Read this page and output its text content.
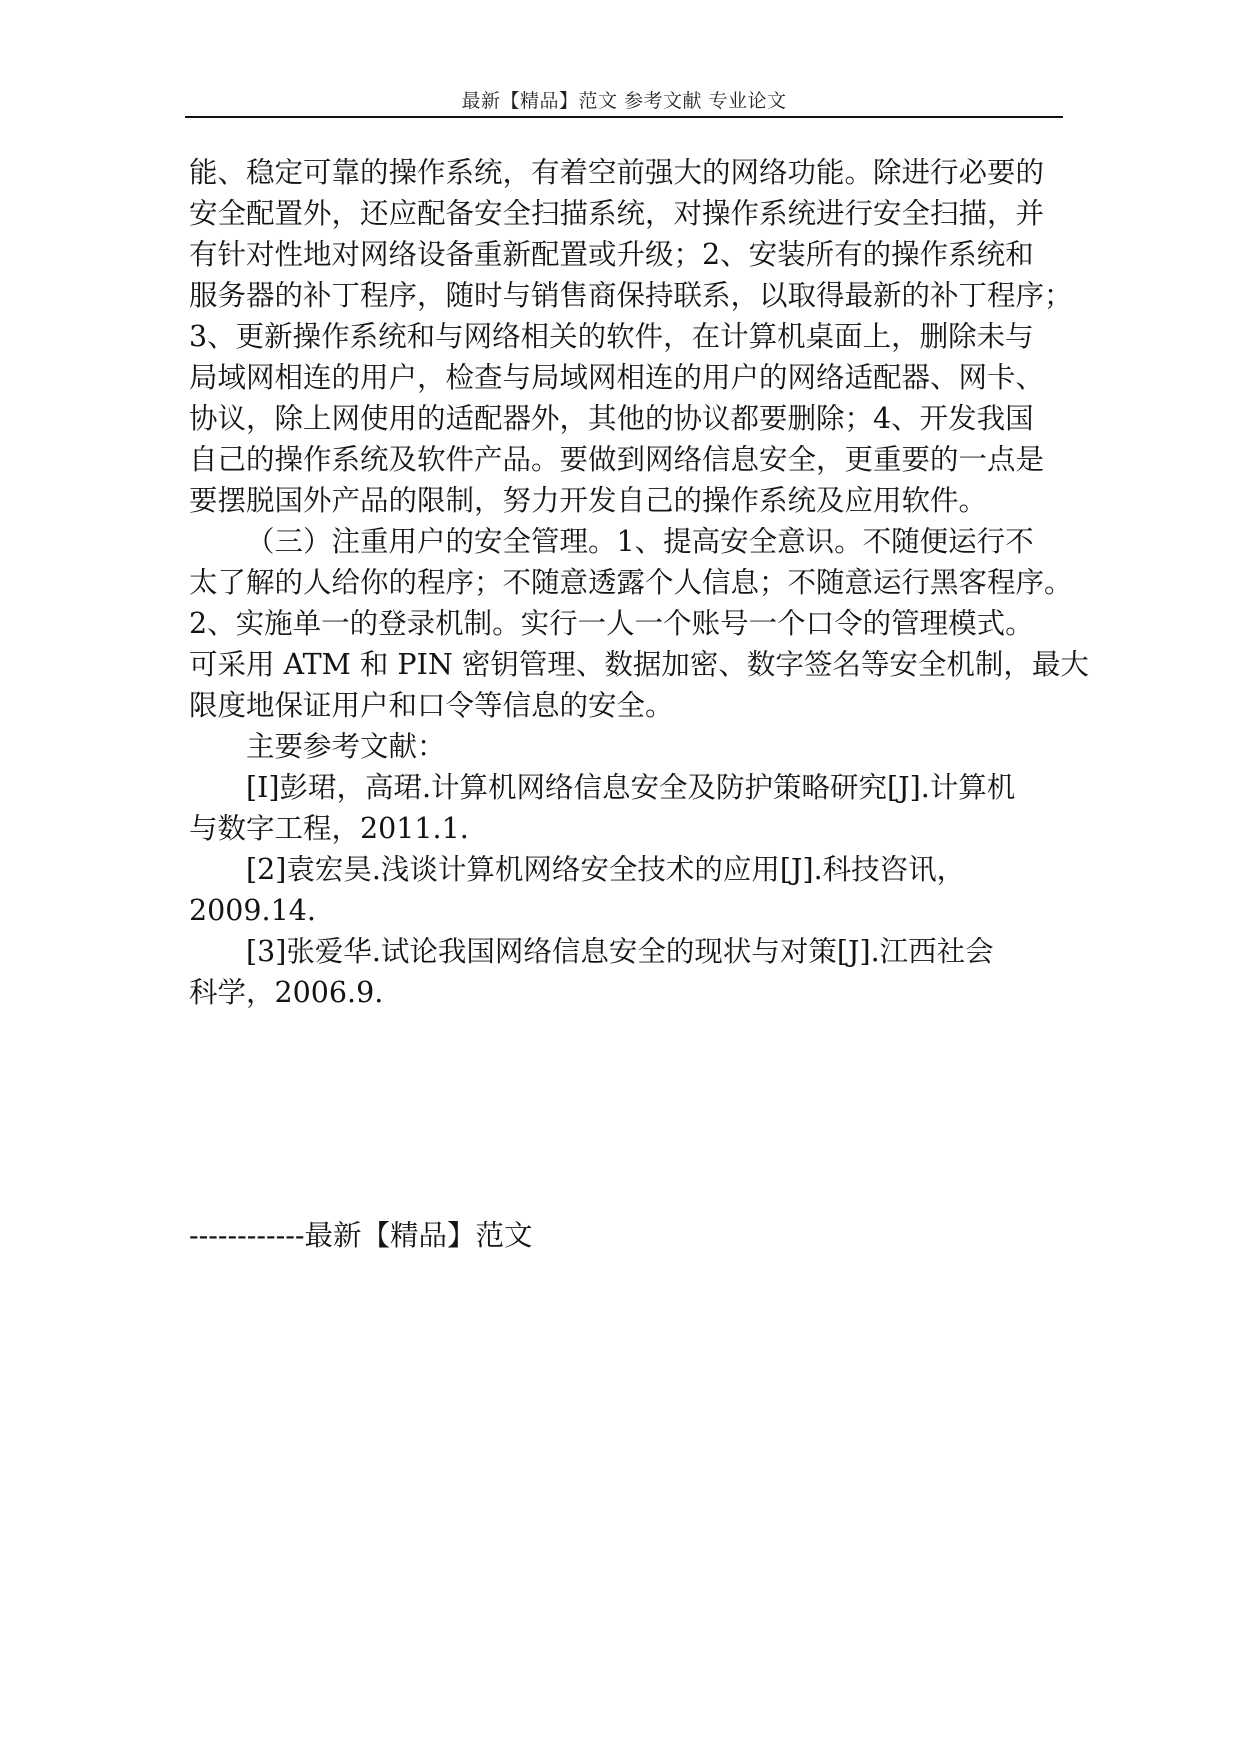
最新【精品】范文 参考文献 专业论文
能、稳定可靠的操作系统，有着空前强大的网络功能。除进行必要的
安全配置外，还应配备安全扫描系统，对操作系统进行安全扫描，并
有针对性地对网络设备重新配置或升级；2、安装所有的操作系统和
服务器的补丁程序，随时与销售商保持联系，以取得最新的补丁程序；
3、更新操作系统和与网络相关的软件，在计算机桌面上，删除未与
局域网相连的用户，检查与局域网相连的用户的网络适配器、网卡、
协议，除上网使用的适配器外，其他的协议都要删除；4、开发我国
自己的操作系统及软件产品。要做到网络信息安全，更重要的一点是
要摆脱国外产品的限制，努力开发自己的操作系统及应用软件。
（三）注重用户的安全管理。1、提高安全意识。不随便运行不
太了解的人给你的程序；不随意透露个人信息；不随意运行黑客程序。
2、实施单一的登录机制。实行一人一个账号一个口令的管理模式。
可采用 ATM 和 PIN 密钥管理、数据加密、数字签名等安全机制，最大
限度地保证用户和口令等信息的安全。
主要参考文献：
[I]彭珺，高珺.计算机网络信息安全及防护策略研究[J].计算机
与数字工程，2011.1.
[2]袁宏昊.浅谈计算机网络安全技术的应用[J].科技咨讯，
2009.14.
[3]张爱华.试论我国网络信息安全的现状与对策[J].江西社会
科学，2006.9.
------------最新【精品】范文
